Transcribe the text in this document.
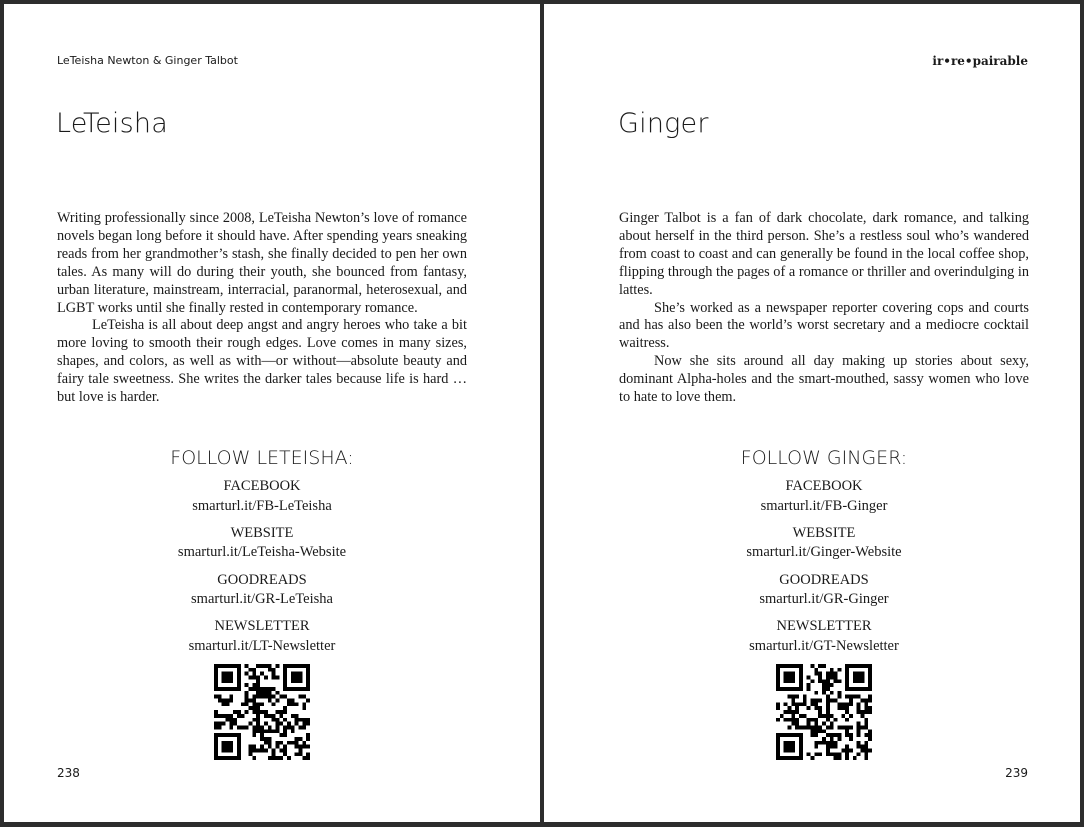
LeTeisha Newton & Ginger Talbot
LeTeisha

Writing professionally since 2008, LeTeisha Newton’s love of romance novels began long before it should have. After spending years sneaking reads from her grandmother’s stash, she finally decided to pen her own tales. As many will do during their youth, she bounced from fantasy, urban literature, mainstream, interracial, paranormal, heterosexual, and LGBT works until she finally rested in contemporary romance.

LeTeisha is all about deep angst and angry heroes who take a bit more loving to smooth their rough edges. Love comes in many sizes, shapes, and colors, as well as with—or without—absolute beauty and fairy tale sweetness. She writes the darker tales because life is hard … but love is harder.

FOLLOW LETEISHA:
FACEBOOK
smarturl.it/FB-LeTeisha
WEBSITE
smarturl.it/LeTeisha-Website
GOODREADS
smarturl.it/GR-LeTeisha
NEWSLETTER
smarturl.it/LT-Newsletter
238
ir•re•pairable
Ginger

Ginger Talbot is a fan of dark chocolate, dark romance, and talking about herself in the third person. She’s a restless soul who’s wandered from coast to coast and can generally be found in the local coffee shop, flipping through the pages of a romance or thriller and overindulging in lattes.

She’s worked as a newspaper reporter covering cops and courts and has also been the world’s worst secretary and a mediocre cocktail waitress.

Now she sits around all day making up stories about sexy, dominant Alpha-holes and the smart-mouthed, sassy women who love to hate to love them.

FOLLOW GINGER:
FACEBOOK
smarturl.it/FB-Ginger
WEBSITE
smarturl.it/Ginger-Website
GOODREADS
smarturl.it/GR-Ginger
NEWSLETTER
smarturl.it/GT-Newsletter
239
